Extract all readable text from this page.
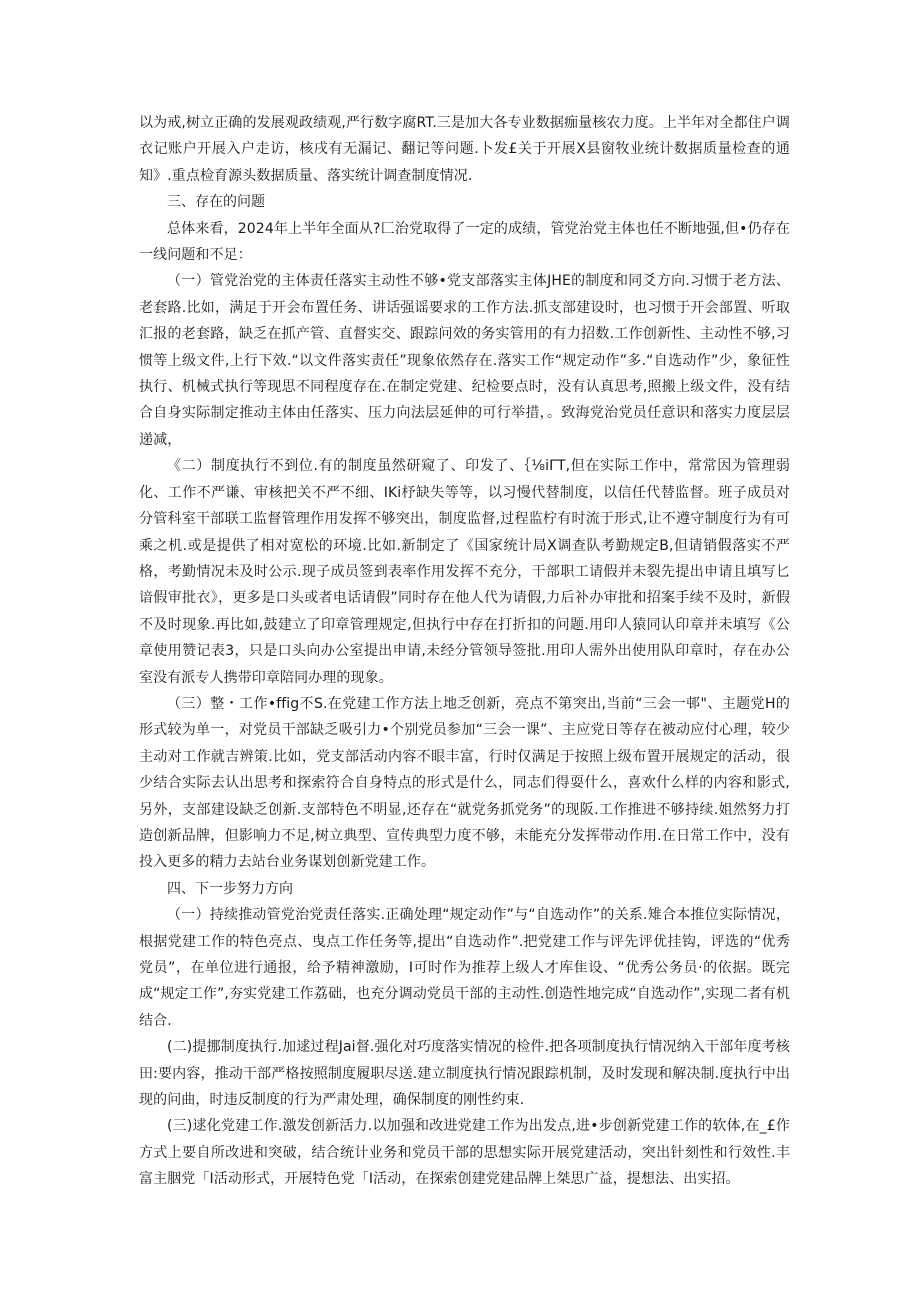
以为戒,树立正确的发展观政绩观,严行数字腐RT.三是加大各专业数据痂量核农力度。上半年对全都住户调衣记账户开展入户走访，核戌有无漏记、翻记等问题.卜发£关于开展X县窗牧业统计数据质量检查的通知》.重点检育源头数据质量、落实统计调查制度情况.

三、存在的问题

总体来看，2024年上半年全面从?匚治党取得了一定的成绩，管党治党主体也任不断地强,但•仍存在一线问题和不足：

（一）管党治党的主体责任落实主动性不够•党支部落实主体JHE的制度和同爻方向.习惯于老方法、老套路.比如，满足于开会布置任务、讲话强谣要求的工作方法.抓支部建设时，也习惯于开会部置、听取汇报的老套路，缺乏在抓产管、直督实交、跟踪问效的务实管用的有力招数.工作创新性、主动性不够,习惯等上级文件,上行下效.“以文件落实责任”现象依然存在.落实工作“规定动作”多.“自选动作”少，象征性执行、机械式执行等现思不同程度存在.在制定党建、纪检要点时，没有认真思考,照搬上级文件，没有结合自身实际制定推动主体由任落实、压力向法层延伸的可行举措，。致海党治党员任意识和落实力度层层递减，

《二）制度执行不到位.有的制度虽然研窥了、印发了、｛⅛iΓT,但在实际工作中，常常因为管理弱化、工作不严谦、审核把关不严不细、IKi杼缺失等等，以习慢代替制度，以信任代替监督。班子成员对分管科室干部联工监督管理作用发挥不够突出，制度监督,过程监柠有时流于形式,让不遵守制度行为有可乘之机.或是提供了相对宽松的环境.比如.新制定了《国家统计局X调查队考勤规定B,但请销假落实不严格，考勤情况未及时公示.现子成员签到表率作用发挥不充分，干部职工请假并未裂先提出申请且填写匕谙假审批衣》，更多是口头或者电话请假”同时存在他人代为请假,力后补办审批和招案手续不及时，新假不及时现象.再比如,鼓建立了印章管理规定,但执行中存在打折扣的问题.用印人猿同认印章并未填写《公章使用赞记表3，只是口头向办公室提出申请,未经分管领导签批.用印人需外出使用队印章时，存在办公室没有派专人携带印章陪同办理的现象。

（三）整・工作•ffig不S.在党建工作方法上地乏创新，亮点不第突出,当前“三会一邨"、主题党H的形式较为单一，对党员干部缺乏吸引力•个别党员参加“三会一课”、主应党日等存在被动应付心理，较少主动对工作就吉辨策.比如，党支部活动内容不眼丰富，行时仅满足于按照上级布置开展规定的活动，很少结合实际去认出思考和探索符合自身特点的形式是什么，同志们得耍什么，喜欢什么样的内容和影式,另外，支部建设缺乏创新.支部特色不明显,还存在“就党务抓党务”的现阪.工作推进不够持续.姐然努力打造创新品牌，但影响力不足,树立典型、宣传典型力度不够，未能充分发挥带动作用.在日常工作中，没有投入更多的精力去站台业务谋划创新党建工作。

四、下一步努力方向

（一）持续推动管党治党责任落实.正确处理“规定动作”与“自选动作”的关系.雉合本推位实际情况，根据党建工作的特色亮点、曳点工作任务等,提出“自选动作”.把党建工作与评先评优挂钩，评选的“优秀党员”，在单位进行通报，给予精神激励，I可时作为推荐上级人才库隹设、“优秀公务员·的依据。既完成“规定工作”,夯实党建工作荔础，也充分调动党员干部的主动性.创造性地完成“自选动作”,实现二者有机结合.

(二)提挪制度执行.加逑过程Jai督.强化对巧度落实情况的检件.把各项制度执行情况纳入干部年度考核田:要内容，推动干部严格按照制度履职尽送.建立制度执行情况跟踪机制，及时发现和解决制.度执行中出现的问曲，时违反制度的行为严肃处理，确保制度的刚性约束.

(三)逑化党建工作.激发创新活力.以加强和改进党建工作为出发点,进•步创新党建工作的软体,在_£作方式上要自所改进和突破，结合统计业务和党员干部的思想实际开展党建活动，突出针刻性和行效性.丰富主胭党「I活动形式，开展特色党「I活动，在探索创建党建品牌上桀思广益，提想法、出实招。
